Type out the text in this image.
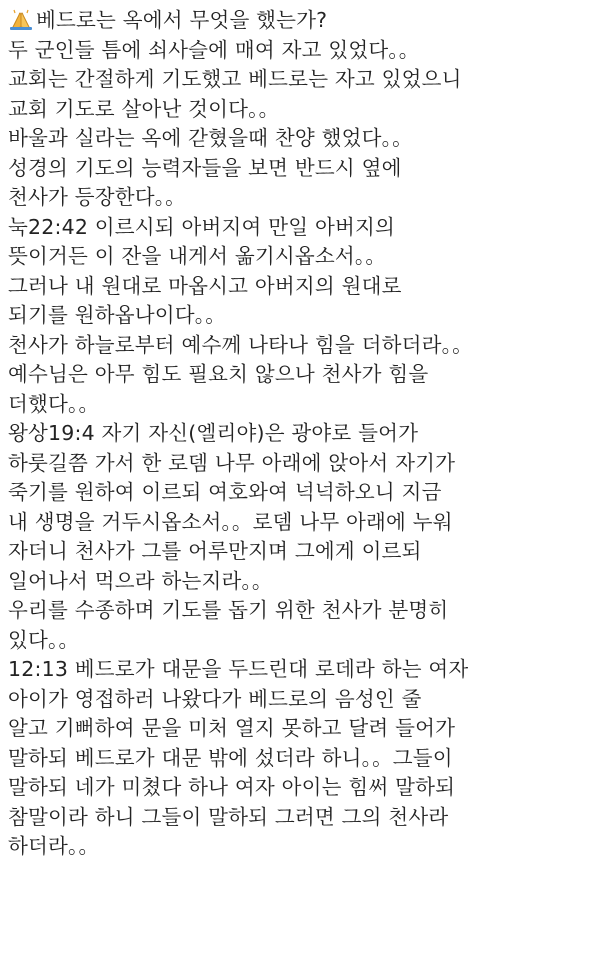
베드로는 옥에서 무엇을 했는가?
두 군인들 틈에 쇠사슬에 매여 자고 있었다。。
교회는 간절하게 기도했고 베드로는 자고 있었으니
교회 기도로 살아난 것이다。。
바울과 실라는 옥에 갇혔을때 찬양 했었다。。
성경의 기도의 능력자들을 보면 반드시 옆에
천사가 등장한다。。
눅22:42 이르시되 아버지여 만일 아버지의
뜻이거든 이 잔을 내게서 옮기시옵소서。。
그러나 내 원대로 마옵시고 아버지의 원대로
되기를 원하옵나이다。。
천사가 하늘로부터 예수께 나타나 힘을 더하더라。。
예수님은 아무 힘도 필요치 않으나 천사가 힘을
더했다。。
왕상19:4 자기 자신(엘리야)은 광야로 들어가
하룻길쯤 가서 한 로뎀 나무 아래에 앉아서 자기가
죽기를 원하여 이르되 여호와여 넉넉하오니 지금
내 생명을 거두시옵소서。。로뎀 나무 아래에 누워
자더니 천사가 그를 어루만지며 그에게 이르되
일어나서 먹으라 하는지라。。
우리를 수종하며 기도를 돕기 위한 천사가 분명히
있다。。
12:13 베드로가 대문을 두드린대 로데라 하는 여자
아이가 영접하러 나왔다가 베드로의 음성인 줄
알고 기뻐하여 문을 미처 열지 못하고 달려 들어가
말하되 베드로가 대문 밖에 섰더라 하니。。그들이
말하되 네가 미쳤다 하나 여자 아이는 힘써 말하되
참말이라 하니 그들이 말하되 그러면 그의 천사라
하더라。。
